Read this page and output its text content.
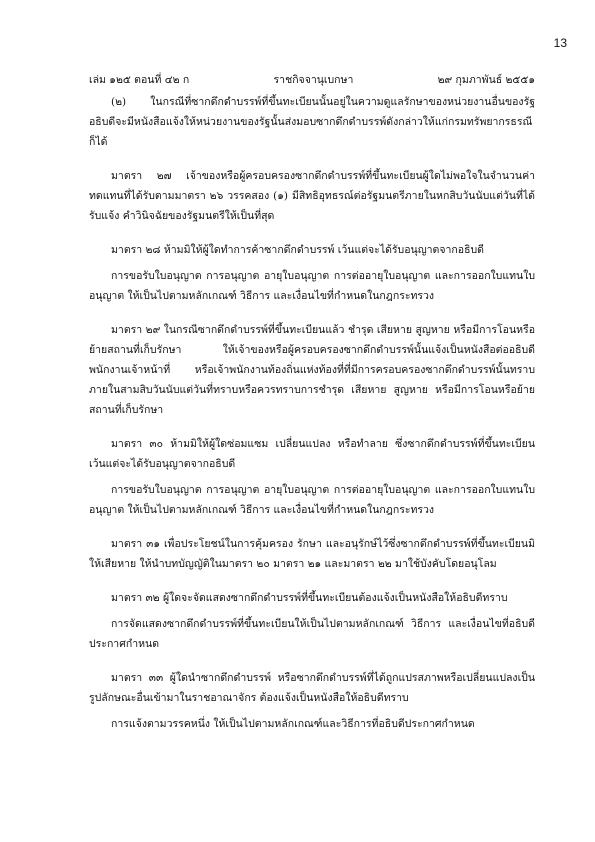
13
เล่ม ๑๒๕ ตอนที่ ๔๒ ก	ราชกิจจานุเบกษา	๒๙ กุมภาพันธ์ ๒๕๕๑

(๒) ในกรณีที่ซากดึกดำบรรพ์ที่ขึ้นทะเบียนนั้นอยู่ในความดูแลรักษาของหน่วยงานอื่นของรัฐ อธิบดีจะมีหนังสือแจ้งให้หน่วยงานของรัฐนั้นส่งมอบซากดึกดำบรรพ์ดังกล่าวให้แก่กรมทรัพยากรธรณีก็ได้

มาตรา ๒๗ เจ้าของหรือผู้ครอบครองซากดึกดำบรรพ์ที่ขึ้นทะเบียนผู้ใดไม่พอใจในจำนวนค่าทดแทนที่ได้รับตามมาตรา ๒๖ วรรคสอง (๑) มีสิทธิอุทธรณ์ต่อรัฐมนตรีภายในหกสิบวันนับแต่วันที่ได้รับแจ้ง คำวินิจฉัยของรัฐมนตรีให้เป็นที่สุด

มาตรา ๒๘ ห้ามมิให้ผู้ใดทำการค้าซากดึกดำบรรพ์ เว้นแต่จะได้รับอนุญาตจากอธิบดี

การขอรับใบอนุญาต การอนุญาต อายุใบอนุญาต การต่ออายุใบอนุญาต และการออกใบแทนใบอนุญาต ให้เป็นไปตามหลักเกณฑ์ วิธีการ และเงื่อนไขที่กำหนดในกฎกระทรวง

มาตรา ๒๙ ในกรณีซากดึกดำบรรพ์ที่ขึ้นทะเบียนแล้ว ชำรุด เสียหาย สูญหาย หรือมีการโอนหรือย้ายสถานที่เก็บรักษา ให้เจ้าของหรือผู้ครอบครองซากดึกดำบรรพ์นั้นแจ้งเป็นหนังสือต่ออธิบดี พนักงานเจ้าหน้าที่ หรือเจ้าพนักงานท้องถิ่นแห่งท้องที่ที่มีการครอบครองซากดึกดำบรรพ์นั้นทราบภายในสามสิบวันนับแต่วันที่ทราบหรือควรทราบการชำรุด เสียหาย สูญหาย หรือมีการโอนหรือย้ายสถานที่เก็บรักษา

มาตรา ๓๐ ห้ามมิให้ผู้ใดซ่อมแซม เปลี่ยนแปลง หรือทำลาย ซึ่งซากดึกดำบรรพ์ที่ขึ้นทะเบียน เว้นแต่จะได้รับอนุญาตจากอธิบดี

การขอรับใบอนุญาต การอนุญาต อายุใบอนุญาต การต่ออายุใบอนุญาต และการออกใบแทนใบอนุญาต ให้เป็นไปตามหลักเกณฑ์ วิธีการ และเงื่อนไขที่กำหนดในกฎกระทรวง

มาตรา ๓๑ เพื่อประโยชน์ในการคุ้มครอง รักษา และอนุรักษ์ไว้ซึ่งซากดึกดำบรรพ์ที่ขึ้นทะเบียนมิให้เสียหาย ให้นำบทบัญญัติในมาตรา ๒๐ มาตรา ๒๑ และมาตรา ๒๒ มาใช้บังคับโดยอนุโลม

มาตรา ๓๒ ผู้ใดจะจัดแสดงซากดึกดำบรรพ์ที่ขึ้นทะเบียนต้องแจ้งเป็นหนังสือให้อธิบดีทราบ

การจัดแสดงซากดึกดำบรรพ์ที่ขึ้นทะเบียนให้เป็นไปตามหลักเกณฑ์ วิธีการ และเงื่อนไขที่อธิบดีประกาศกำหนด

มาตรา ๓๓ ผู้ใดนำซากดึกดำบรรพ์ หรือซากดึกดำบรรพ์ที่ได้ถูกแปรสภาพหรือเปลี่ยนแปลงเป็นรูปลักษณะอื่นเข้ามาในราชอาณาจักร ต้องแจ้งเป็นหนังสือให้อธิบดีทราบ

การแจ้งตามวรรคหนึ่ง ให้เป็นไปตามหลักเกณฑ์และวิธีการที่อธิบดีประกาศกำหนด
